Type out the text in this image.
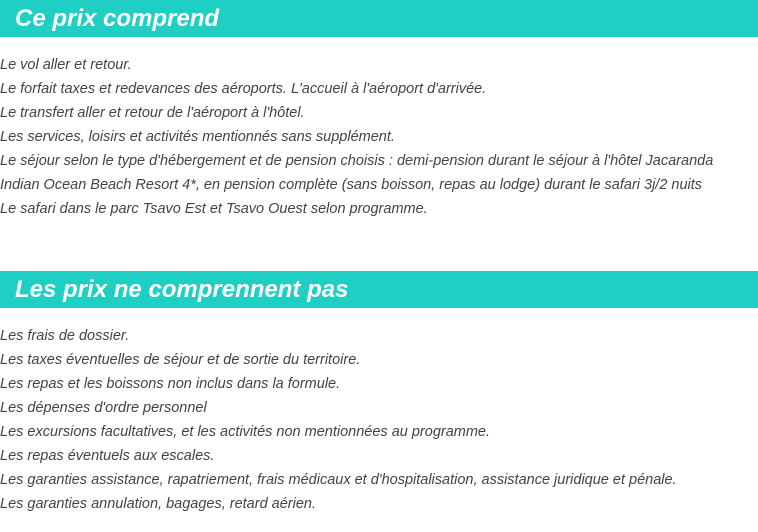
Ce prix comprend
Le vol aller et retour.
Le forfait taxes et redevances des aéroports. L'accueil à l'aéroport d'arrivée.
Le transfert aller et retour de l'aéroport à l'hôtel.
Les services, loisirs et activités mentionnés sans supplément.
Le séjour selon le type d'hébergement et de pension choisis : demi-pension durant le séjour à l'hôtel Jacaranda Indian Ocean Beach Resort 4*, en pension complète (sans boisson, repas au lodge) durant le safari 3j/2 nuits
Le safari dans le parc Tsavo Est et Tsavo Ouest selon programme.
Les prix ne comprennent pas
Les frais de dossier.
Les taxes éventuelles de séjour et de sortie du territoire.
Les repas et les boissons non inclus dans la formule.
Les dépenses d'ordre personnel
Les excursions facultatives, et les activités non mentionnées au programme.
Les repas éventuels aux escales.
Les garanties assistance, rapatriement, frais médicaux et d'hospitalisation, assistance juridique et pénale.
Les garanties annulation, bagages, retard aérien.
